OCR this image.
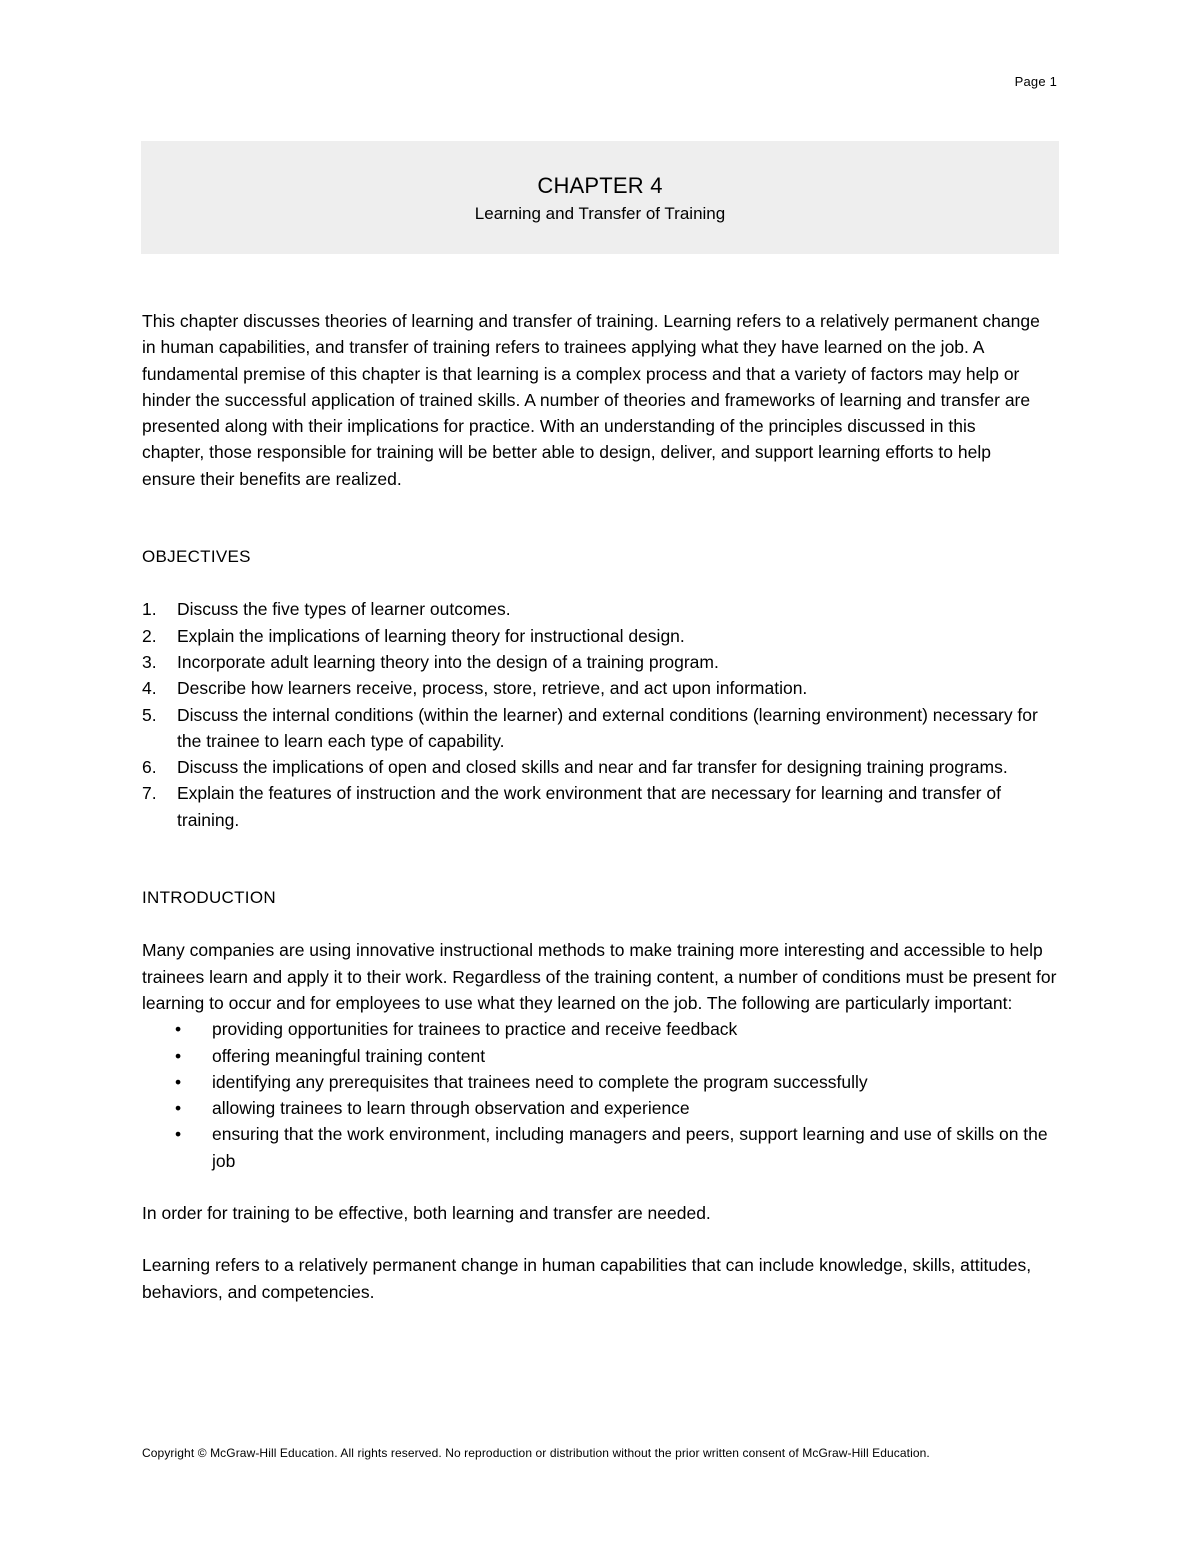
Page 1
CHAPTER 4
Learning and Transfer of Training

This chapter discusses theories of learning and transfer of training. Learning refers to a relatively permanent change in human capabilities, and transfer of training refers to trainees applying what they have learned on the job. A fundamental premise of this chapter is that learning is a complex process and that a variety of factors may help or hinder the successful application of trained skills. A number of theories and frameworks of learning and transfer are presented along with their implications for practice. With an understanding of the principles discussed in this chapter, those responsible for training will be better able to design, deliver, and support learning efforts to help ensure their benefits are realized.

OBJECTIVES

1. Discuss the five types of learner outcomes.
2. Explain the implications of learning theory for instructional design.
3. Incorporate adult learning theory into the design of a training program.
4. Describe how learners receive, process, store, retrieve, and act upon information.
5. Discuss the internal conditions (within the learner) and external conditions (learning environment) necessary for the trainee to learn each type of capability.
6. Discuss the implications of open and closed skills and near and far transfer for designing training programs.
7. Explain the features of instruction and the work environment that are necessary for learning and transfer of training.

INTRODUCTION

Many companies are using innovative instructional methods to make training more interesting and accessible to help trainees learn and apply it to their work. Regardless of the training content, a number of conditions must be present for learning to occur and for employees to use what they learned on the job. The following are particularly important:

• providing opportunities for trainees to practice and receive feedback
• offering meaningful training content
• identifying any prerequisites that trainees need to complete the program successfully
• allowing trainees to learn through observation and experience
• ensuring that the work environment, including managers and peers, support learning and use of skills on the job

In order for training to be effective, both learning and transfer are needed.

Learning refers to a relatively permanent change in human capabilities that can include knowledge, skills, attitudes, behaviors, and competencies.

Copyright © McGraw-Hill Education. All rights reserved. No reproduction or distribution without the prior written consent of McGraw-Hill Education.
